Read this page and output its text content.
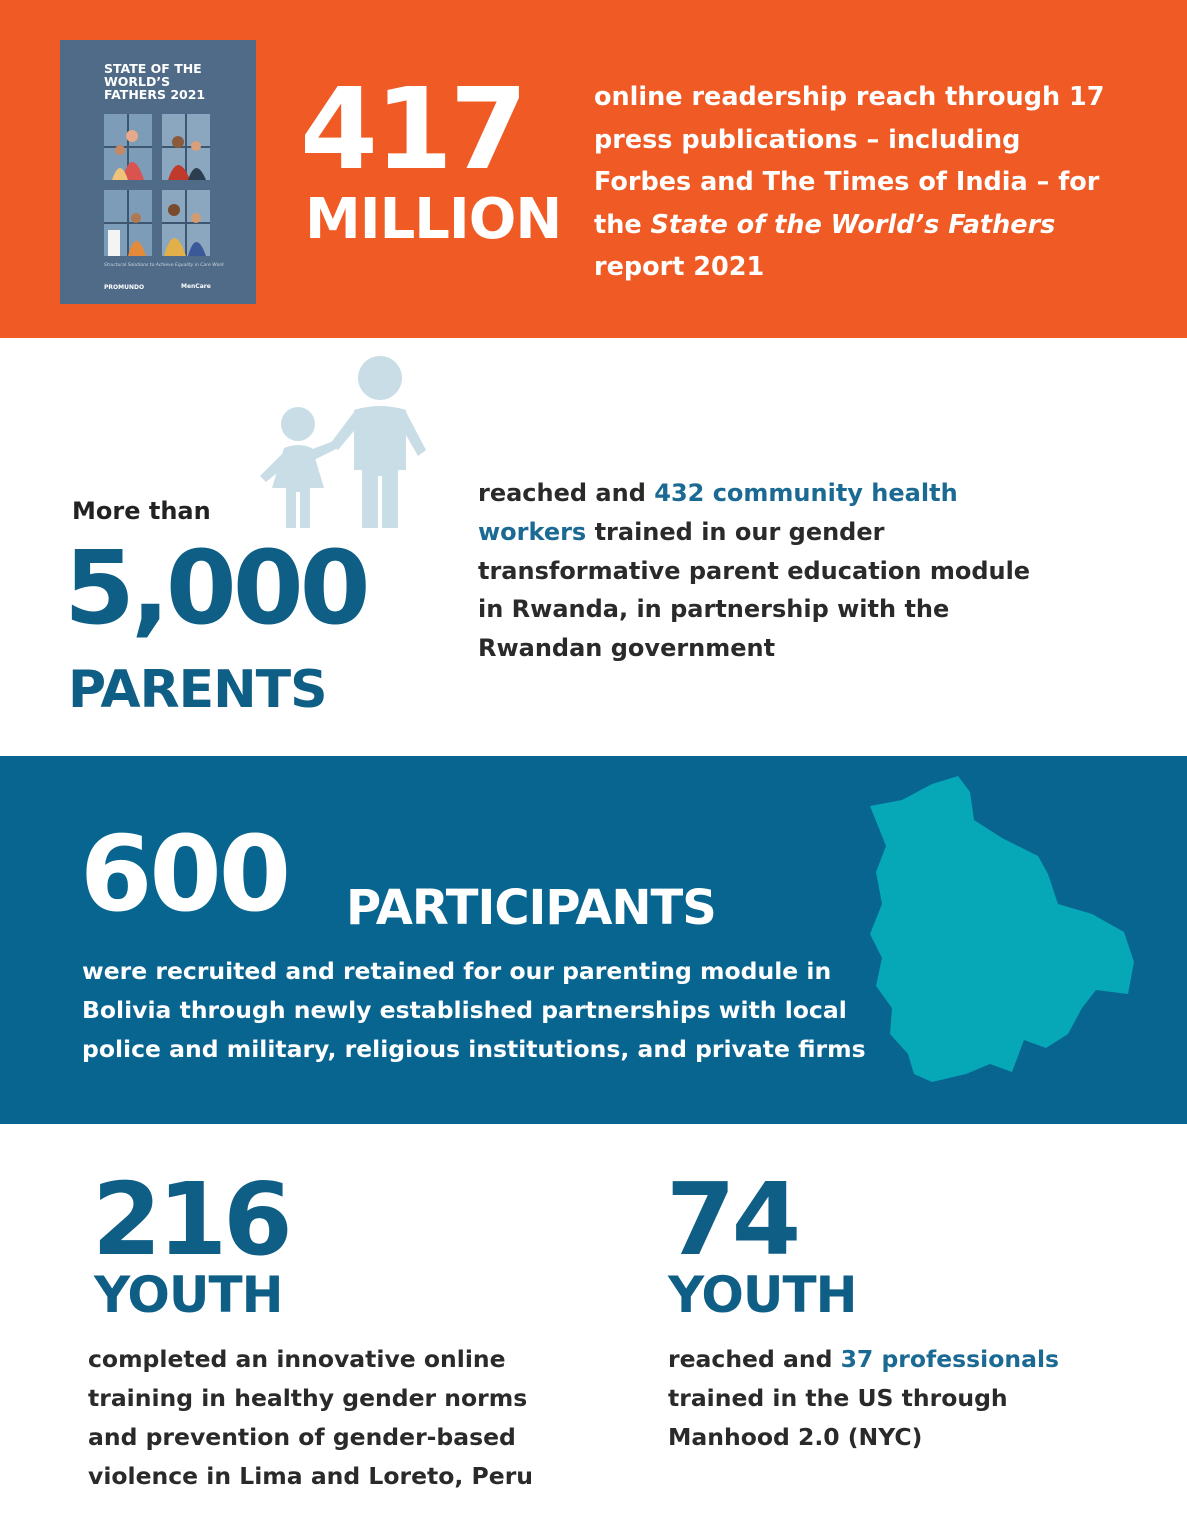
STATE OF THE
WORLD’S
FATHERS 2021
Structural Solutions to Achieve Equality in Care Work
PROMUNDO	MenCare
417
MILLION

online readership reach through 17 press publications – including Forbes and The Times of India – for the State of the World’s Fathers report 2021

More than
5,000
PARENTS

reached and 432 community health workers trained in our gender transformative parent education module in Rwanda, in partnership with the Rwandan government

600 PARTICIPANTS

were recruited and retained for our parenting module in Bolivia through newly established partnerships with local police and military, religious institutions, and private firms

216
YOUTH

completed an innovative online training in healthy gender norms and prevention of gender-based violence in Lima and Loreto, Peru

74
YOUTH

reached and 37 professionals trained in the US through Manhood 2.0 (NYC)
